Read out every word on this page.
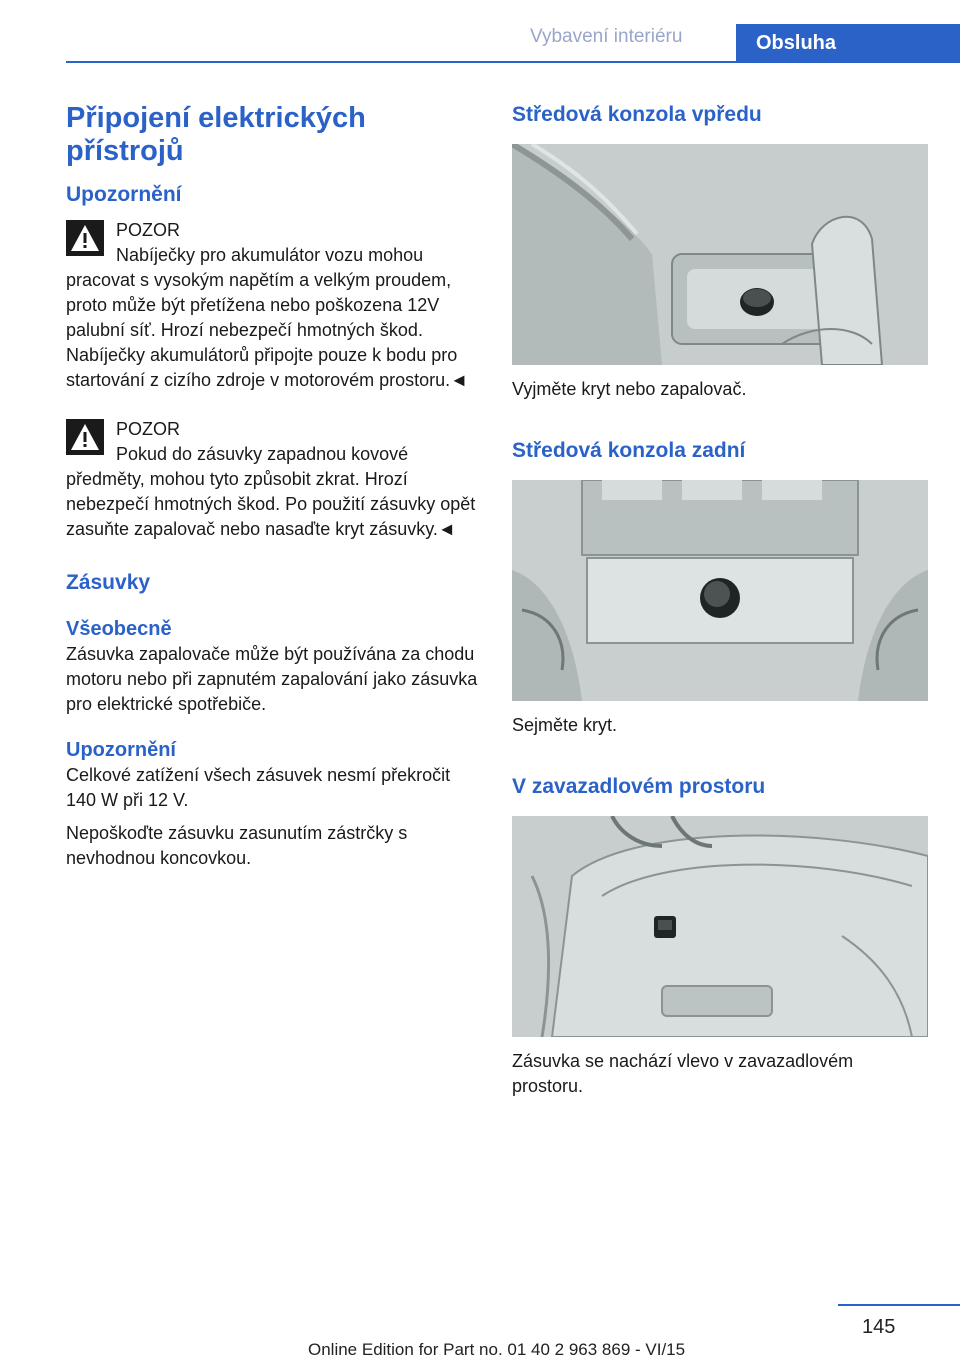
Vybavení interiéru	Obsluha
Připojení elektrických přístrojů
Upozornění
POZOR
Nabíječky pro akumulátor vozu mohou

pracovat s vysokým napětím a velkým proudem, proto může být přetížena nebo poškozena 12V palubní síť. Hrozí nebezpečí hmotných škod. Nabíječky akumulátorů připojte pouze k bodu pro startování z cizího zdroje v motorovém prostoru.◄

POZOR
Pokud do zásuvky zapadnou kovové

předměty, mohou tyto způsobit zkrat. Hrozí nebezpečí hmotných škod. Po použití zásuvky opět zasuňte zapalovač nebo nasaďte kryt zásuvky.◄

Zásuvky
Všeobecně

Zásuvka zapalovače může být používána za chodu motoru nebo při zapnutém zapalování jako zásuvka pro elektrické spotřebiče.

Upozornění

Celkové zatížení všech zásuvek nesmí překročit 140 W při 12 V.

Nepoškoďte zásuvku zasunutím zástrčky s nevhodnou koncovkou.

Středová konzola vpředu

Vyjměte kryt nebo zapalovač.

Středová konzola zadní

Sejměte kryt.

V zavazadlovém prostoru

Zásuvka se nachází vlevo v zavazadlovém prostoru.

145
Online Edition for Part no. 01 40 2 963 869 - VI/15
